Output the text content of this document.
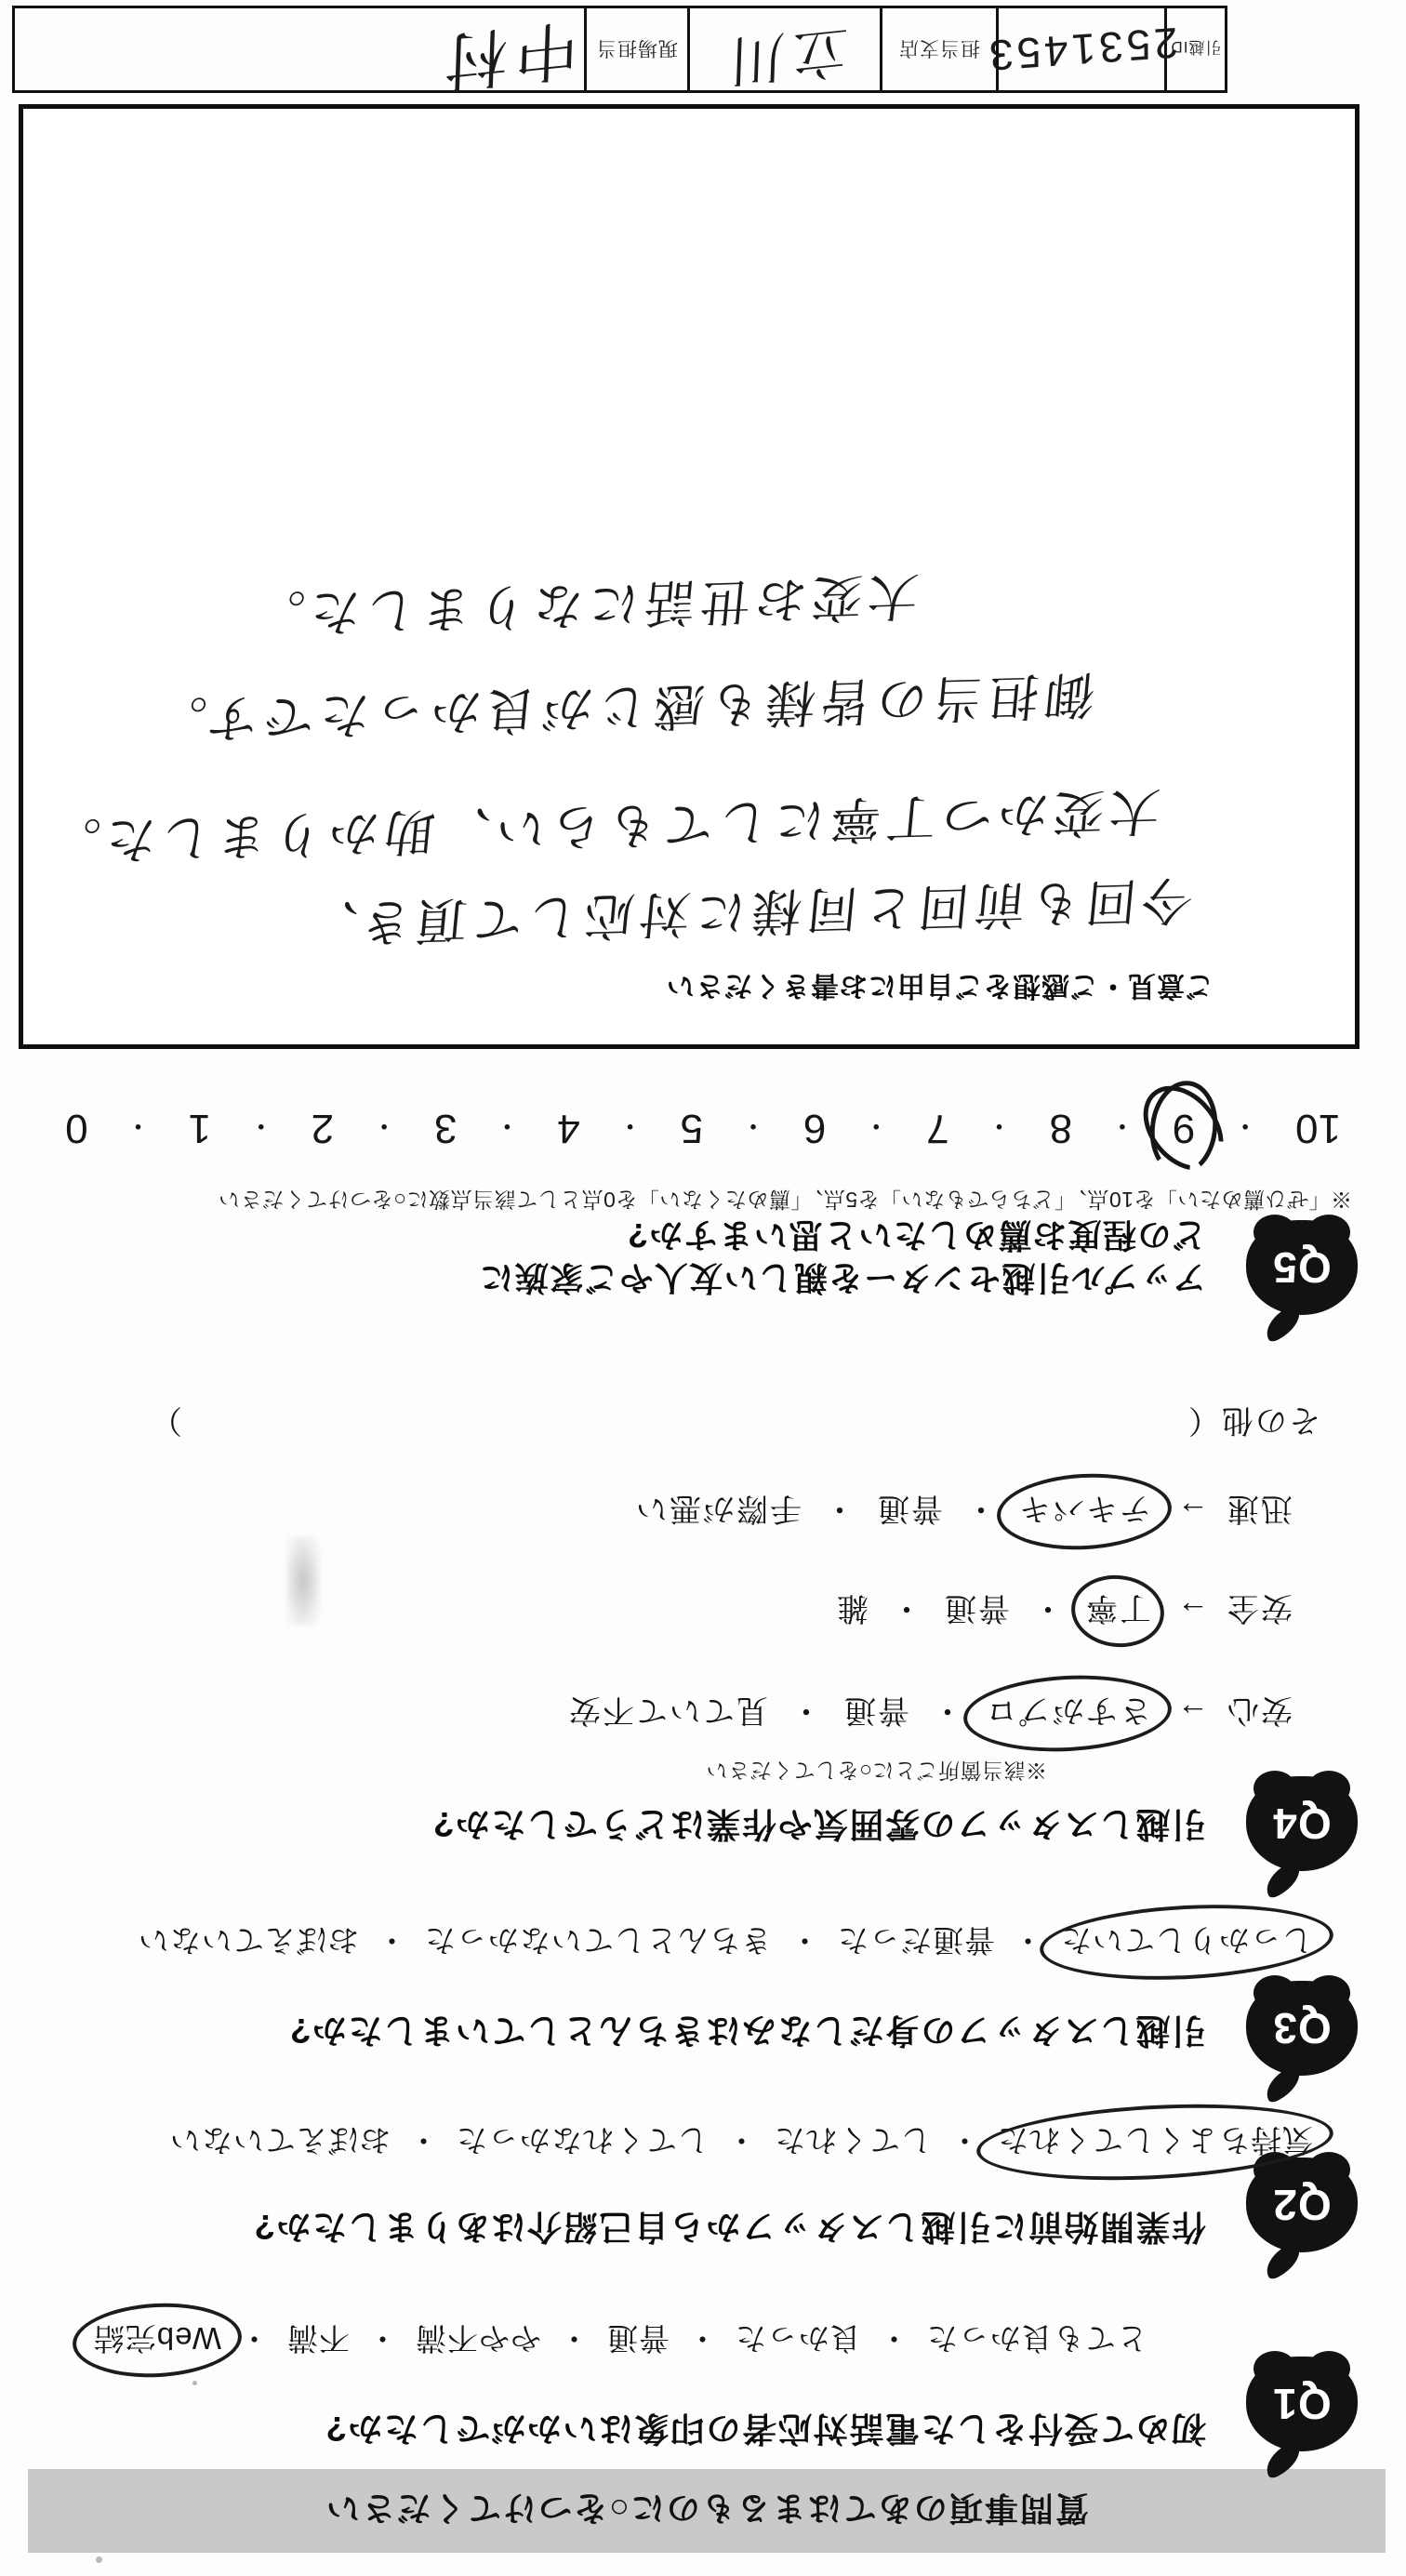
質問事項のあてはまるものに○をつけてください
Q1
初めて受付をした電話対応者の印象はいかがでしたか?
とても良かった
・
良かった
・
普通
・
やや不満
・
不満
・
Web完結
Q2
作業開始前に引越しスタッフから自己紹介はありましたか?
気持ちよくしてくれた
・
してくれた
・
してくれなかった
・
おぼえていない
Q3
引越しスタッフの身だしなみはきちんとしていましたか?
しっかりしていた
・
普通だった
・
きちんとしていなかった
・
おぼえていない
Q4
引越しスタッフの雰囲気や作業はどうでしたか?
※該当箇所ごとに○をしてください
安心
→
さすがプロ
・
普通
・
見ていて不安
安全
→
丁寧
・
普通
・
雑
迅速
→
テキパキ
・
普通
・
手際が悪い
その他
（
）
Q5
アップル引越センターを親しい友人やご家族に
どの程度お薦めしたいと思いますか?
※「ぜひ薦めたい」を10点、「どちらでもない」を5点、「薦めたくない」を0点として該当点数に○をつけてください
10
・
9
・
8
・
7
・
6
・
5
・
4
・
3
・
2
・
1
・
0
ご意見・ご感想をご自由にお書きください
今回も前回と同様に対応して頂き、
大変かつ丁寧にしてもらい、助かりました。
御担当の皆様も感じが良かったです。
大変お世話になりました。
引越ID
2531453
担当支店
立川
現場担当
中村
